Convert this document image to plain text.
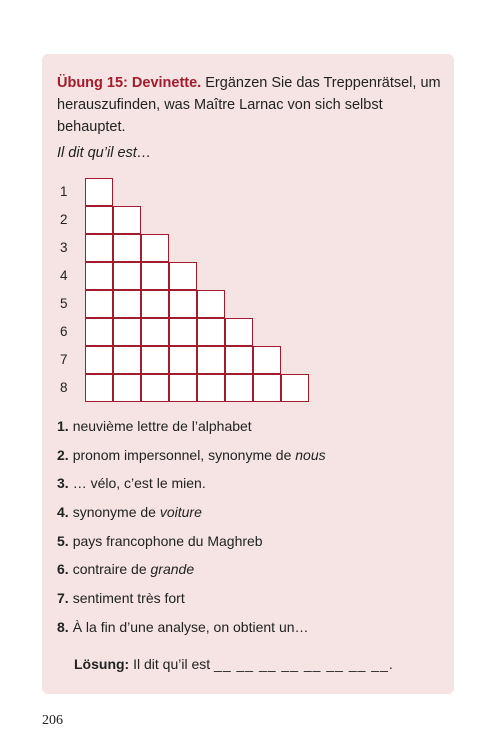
Übung 15: Devinette. Ergänzen Sie das Treppenrätsel, um herauszufinden, was Maître Larnac von sich selbst behauptet.
Il dit qu’il est…
1
2
3
4
5
6
7
8
1. neuvième lettre de l’alphabet
2. pronom impersonnel, synonyme de nous
3. … vélo, c’est le mien.
4. synonyme de voiture
5. pays francophone du Maghreb
6. contraire de grande
7. sentiment très fort
8. À la fin d’une analyse, on obtient un…
Lösung: Il dit qu’il est __ __ __ __ __ __ __ __.
206
